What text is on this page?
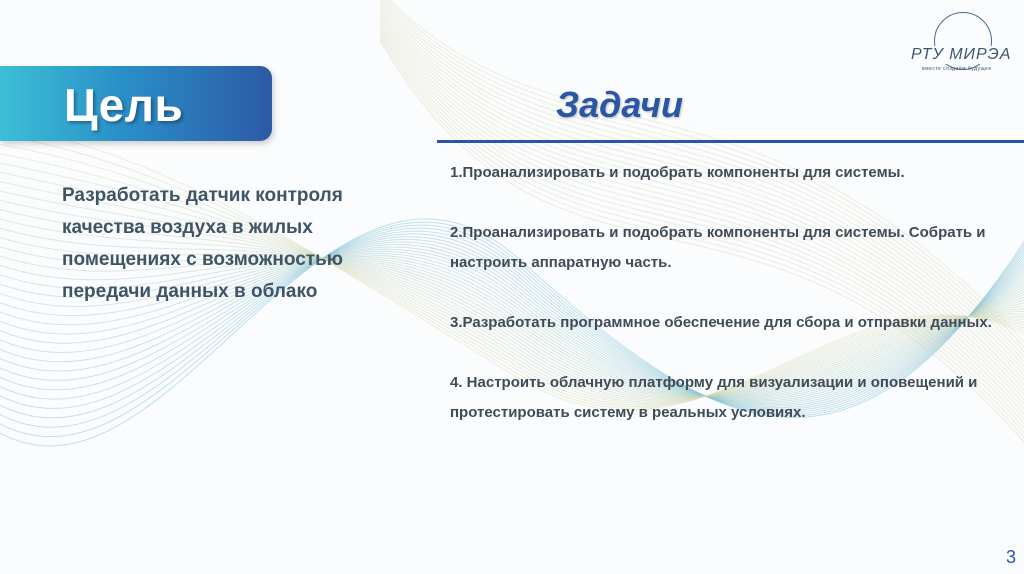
Цель
Разработать датчик контроля качества воздуха в жилых помещениях с возможностью передачи данных в облако
Задачи
1.Проанализировать и подобрать компоненты для системы.
2.Проанализировать и подобрать компоненты для системы. Собрать и настроить аппаратную часть.
3.Разработать программное обеспечение для сбора и отправки данных.
4. Настроить облачную платформу для визуализации и оповещений и протестировать систему в реальных условиях.
РТУ МИРЭА
вместе создаём будущее
3
